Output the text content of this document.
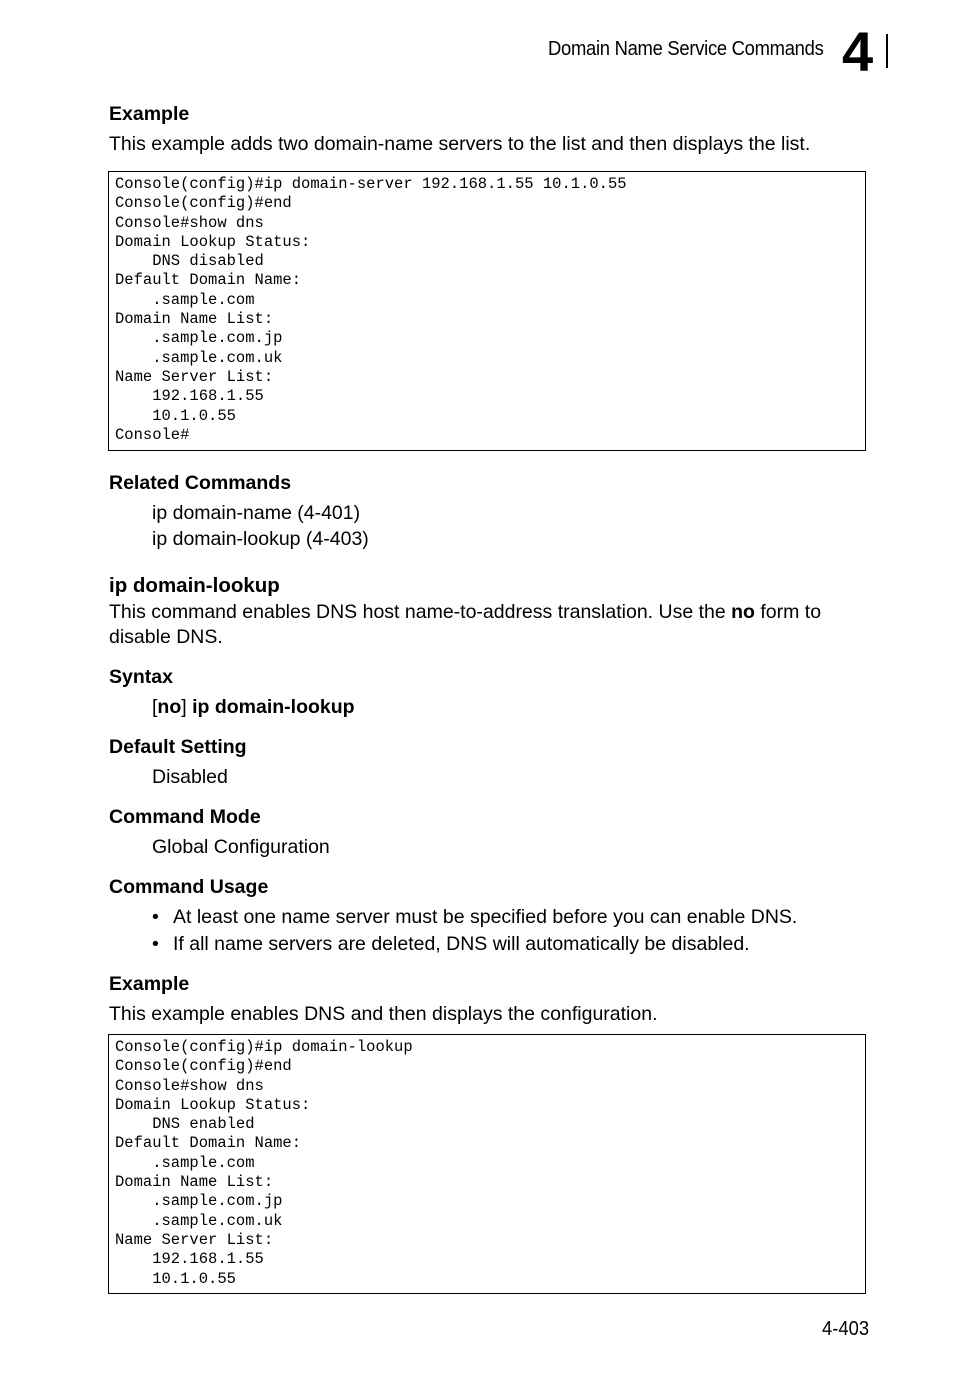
Domain Name Service Commands 4
Example
This example adds two domain-name servers to the list and then displays the list.
Console(config)#ip domain-server 192.168.1.55 10.1.0.55
Console(config)#end
Console#show dns
Domain Lookup Status:
DNS disabled
Default Domain Name:
.sample.com
Domain Name List:
.sample.com.jp
.sample.com.uk
Name Server List:
192.168.1.55
10.1.0.55
Console#
Related Commands
ip domain-name (4-401)
ip domain-lookup (4-403)
ip domain-lookup
This command enables DNS host name-to-address translation. Use the no form to
disable DNS.
Syntax
[no] ip domain-lookup
Default Setting
Disabled
Command Mode
Global Configuration
Command Usage
• At least one name server must be specified before you can enable DNS.
• If all name servers are deleted, DNS will automatically be disabled.
Example
This example enables DNS and then displays the configuration.
Console(config)#ip domain-lookup
Console(config)#end
Console#show dns
Domain Lookup Status:
DNS enabled
Default Domain Name:
.sample.com
Domain Name List:
.sample.com.jp
.sample.com.uk
Name Server List:
192.168.1.55
10.1.0.55
4-403
